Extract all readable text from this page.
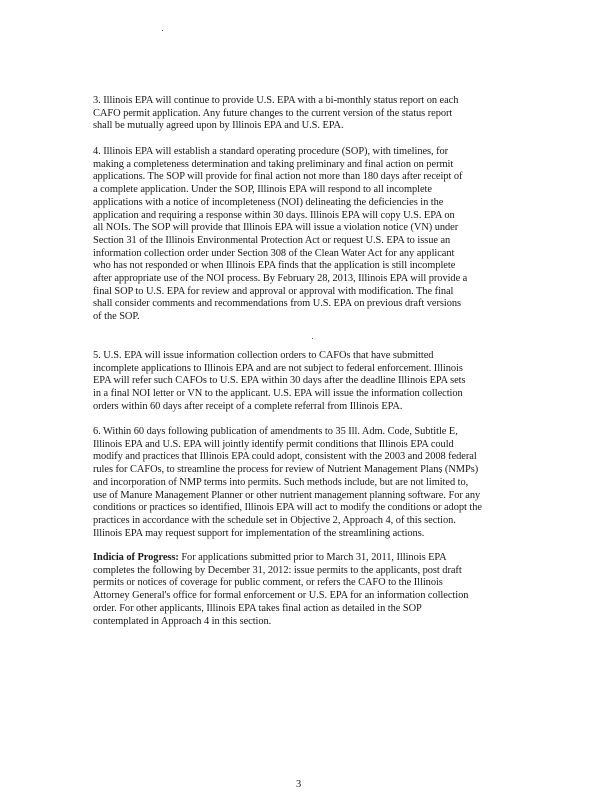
3. Illinois EPA will continue to provide U.S. EPA with a bi-monthly status report on each
CAFO permit application. Any future changes to the current version of the status report
shall be mutually agreed upon by Illinois EPA and U.S. EPA.

4. Illinois EPA will establish a standard operating procedure (SOP), with timelines, for
making a completeness determination and taking preliminary and final action on permit
applications. The SOP will provide for final action not more than 180 days after receipt of
a complete application. Under the SOP, Illinois EPA will respond to all incomplete
applications with a notice of incompleteness (NOI) delineating the deficiencies in the
application and requiring a response within 30 days. Illinois EPA will copy U.S. EPA on
all NOIs. The SOP will provide that Illinois EPA will issue a violation notice (VN) under
Section 31 of the Illinois Environmental Protection Act or request U.S. EPA to issue an
information collection order under Section 308 of the Clean Water Act for any applicant
who has not responded or when Illinois EPA finds that the application is still incomplete
after appropriate use of the NOI process. By February 28, 2013, Illinois EPA will provide a
final SOP to U.S. EPA for review and approval or approval with modification. The final
shall consider comments and recommendations from U.S. EPA on previous draft versions
of the SOP.

5. U.S. EPA will issue information collection orders to CAFOs that have submitted
incomplete applications to Illinois EPA and are not subject to federal enforcement. Illinois
EPA will refer such CAFOs to U.S. EPA within 30 days after the deadline Illinois EPA sets
in a final NOI letter or VN to the applicant. U.S. EPA will issue the information collection
orders within 60 days after receipt of a complete referral from Illinois EPA.

6. Within 60 days following publication of amendments to 35 Ill. Adm. Code, Subtitle E,
Illinois EPA and U.S. EPA will jointly identify permit conditions that Illinois EPA could
modify and practices that Illinois EPA could adopt, consistent with the 2003 and 2008 federal
rules for CAFOs, to streamline the process for review of Nutrient Management Plans (NMPs)
and incorporation of NMP terms into permits. Such methods include, but are not limited to,
use of Manure Management Planner or other nutrient management planning software. For any
conditions or practices so identified, Illinois EPA will act to modify the conditions or adopt the
practices in accordance with the schedule set in Objective 2, Approach 4, of this section.
Illinois EPA may request support for implementation of the streamlining actions.

Indicia of Progress: For applications submitted prior to March 31, 2011, Illinois EPA
completes the following by December 31, 2012: issue permits to the applicants, post draft
permits or notices of coverage for public comment, or refers the CAFO to the Illinois
Attorney General's office for formal enforcement or U.S. EPA for an information collection
order. For other applicants, Illinois EPA takes final action as detailed in the SOP
contemplated in Approach 4 in this section.

3
